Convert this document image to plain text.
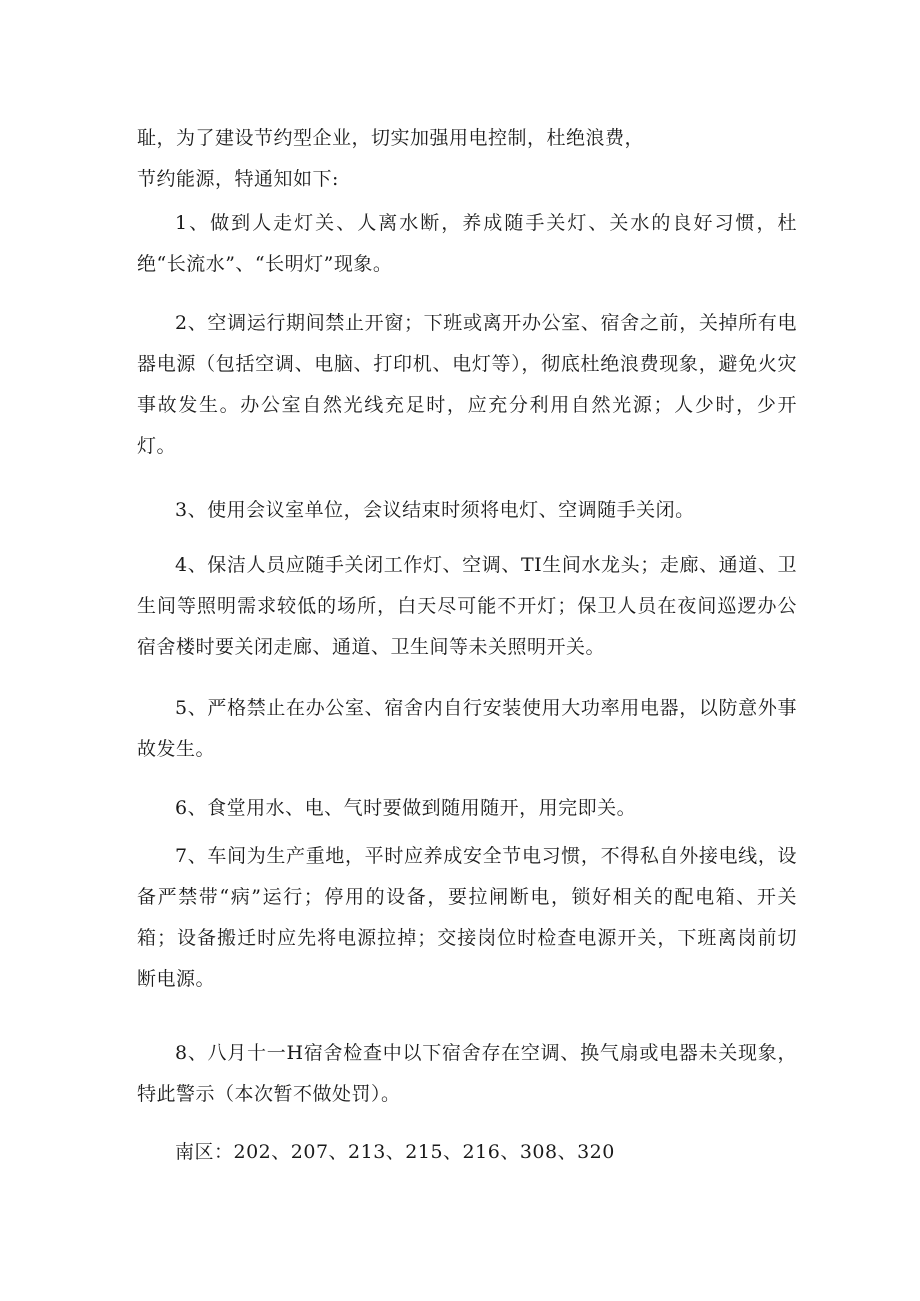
耻，为了建设节约型企业，切实加强用电控制，杜绝浪费，

节约能源，特通知如下:

1、做到人走灯关、人离水断，养成随手关灯、关水的良好习惯，杜绝“长流水”、“长明灯”现象。

2、空调运行期间禁止开窗；下班或离开办公室、宿舍之前，关掉所有电器电源（包括空调、电脑、打印机、电灯等），彻底杜绝浪费现象，避免火灾事故发生。办公室自然光线充足时，应充分利用自然光源；人少时，少开灯。

3、使用会议室单位，会议结束时须将电灯、空调随手关闭。

4、保洁人员应随手关闭工作灯、空调、TI生间水龙头；走廊、通道、卫生间等照明需求较低的场所，白天尽可能不开灯；保卫人员在夜间巡逻办公宿舍楼时要关闭走廊、通道、卫生间等未关照明开关。

5、严格禁止在办公室、宿舍内自行安装使用大功率用电器，以防意外事故发生。

6、食堂用水、电、气时要做到随用随开，用完即关。

7、车间为生产重地，平时应养成安全节电习惯，不得私自外接电线，设备严禁带“病”运行；停用的设备，要拉闸断电，锁好相关的配电箱、开关箱；设备搬迁时应先将电源拉掉；交接岗位时检查电源开关，下班离岗前切断电源。

8、八月十一H宿舍检查中以下宿舍存在空调、换气扇或电器未关现象，特此警示（本次暂不做处罚）。

南区：202、207、213、215、216、308、320
